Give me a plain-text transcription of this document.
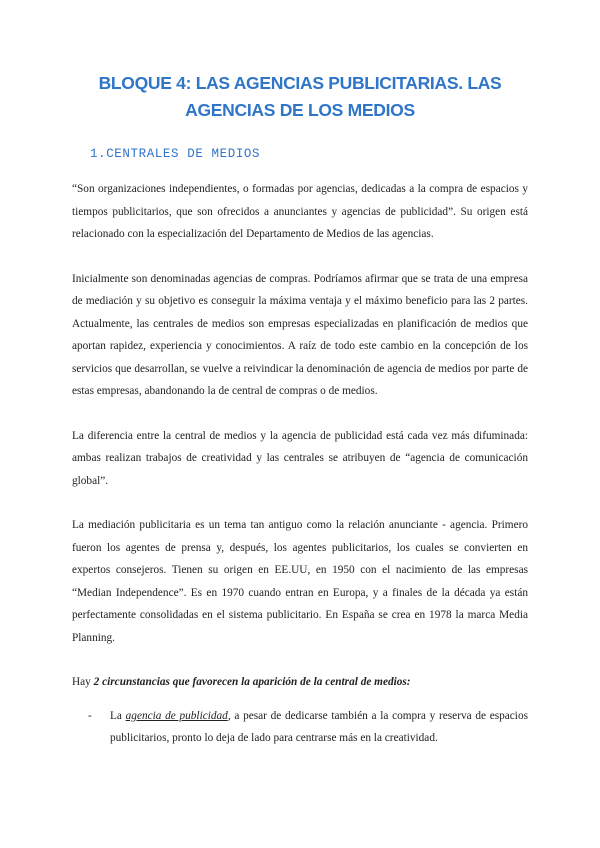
BLOQUE 4: LAS AGENCIAS PUBLICITARIAS. LAS AGENCIAS DE LOS MEDIOS
1.CENTRALES DE MEDIOS

“Son organizaciones independientes, o formadas por agencias, dedicadas a la compra de espacios y tiempos publicitarios, que son ofrecidos a anunciantes y agencias de publicidad”. Su origen está relacionado con la especialización del Departamento de Medios de las agencias.

Inicialmente son denominadas agencias de compras. Podríamos afirmar que se trata de una empresa de mediación y su objetivo es conseguir la máxima ventaja y el máximo beneficio para las 2 partes. Actualmente, las centrales de medios son empresas especializadas en planificación de medios que aportan rapidez, experiencia y conocimientos. A raíz de todo este cambio en la concepción de los servicios que desarrollan, se vuelve a reivindicar la denominación de agencia de medios por parte de estas empresas, abandonando la de central de compras o de medios.

La diferencia entre la central de medios y la agencia de publicidad está cada vez más difuminada: ambas realizan trabajos de creatividad y las centrales se atribuyen de “agencia de comunicación global”.

La mediación publicitaria es un tema tan antiguo como la relación anunciante - agencia. Primero fueron los agentes de prensa y, después, los agentes publicitarios, los cuales se convierten en expertos consejeros. Tienen su origen en EE.UU, en 1950 con el nacimiento de las empresas “Median Independence”. Es en 1970 cuando entran en Europa, y a finales de la década ya están perfectamente consolidadas en el sistema publicitario. En España se crea en 1978 la marca Media Planning.

Hay 2 circunstancias que favorecen la aparición de la central de medios:

- La agencia de publicidad, a pesar de dedicarse también a la compra y reserva de espacios publicitarios, pronto lo deja de lado para centrarse más en la creatividad.
